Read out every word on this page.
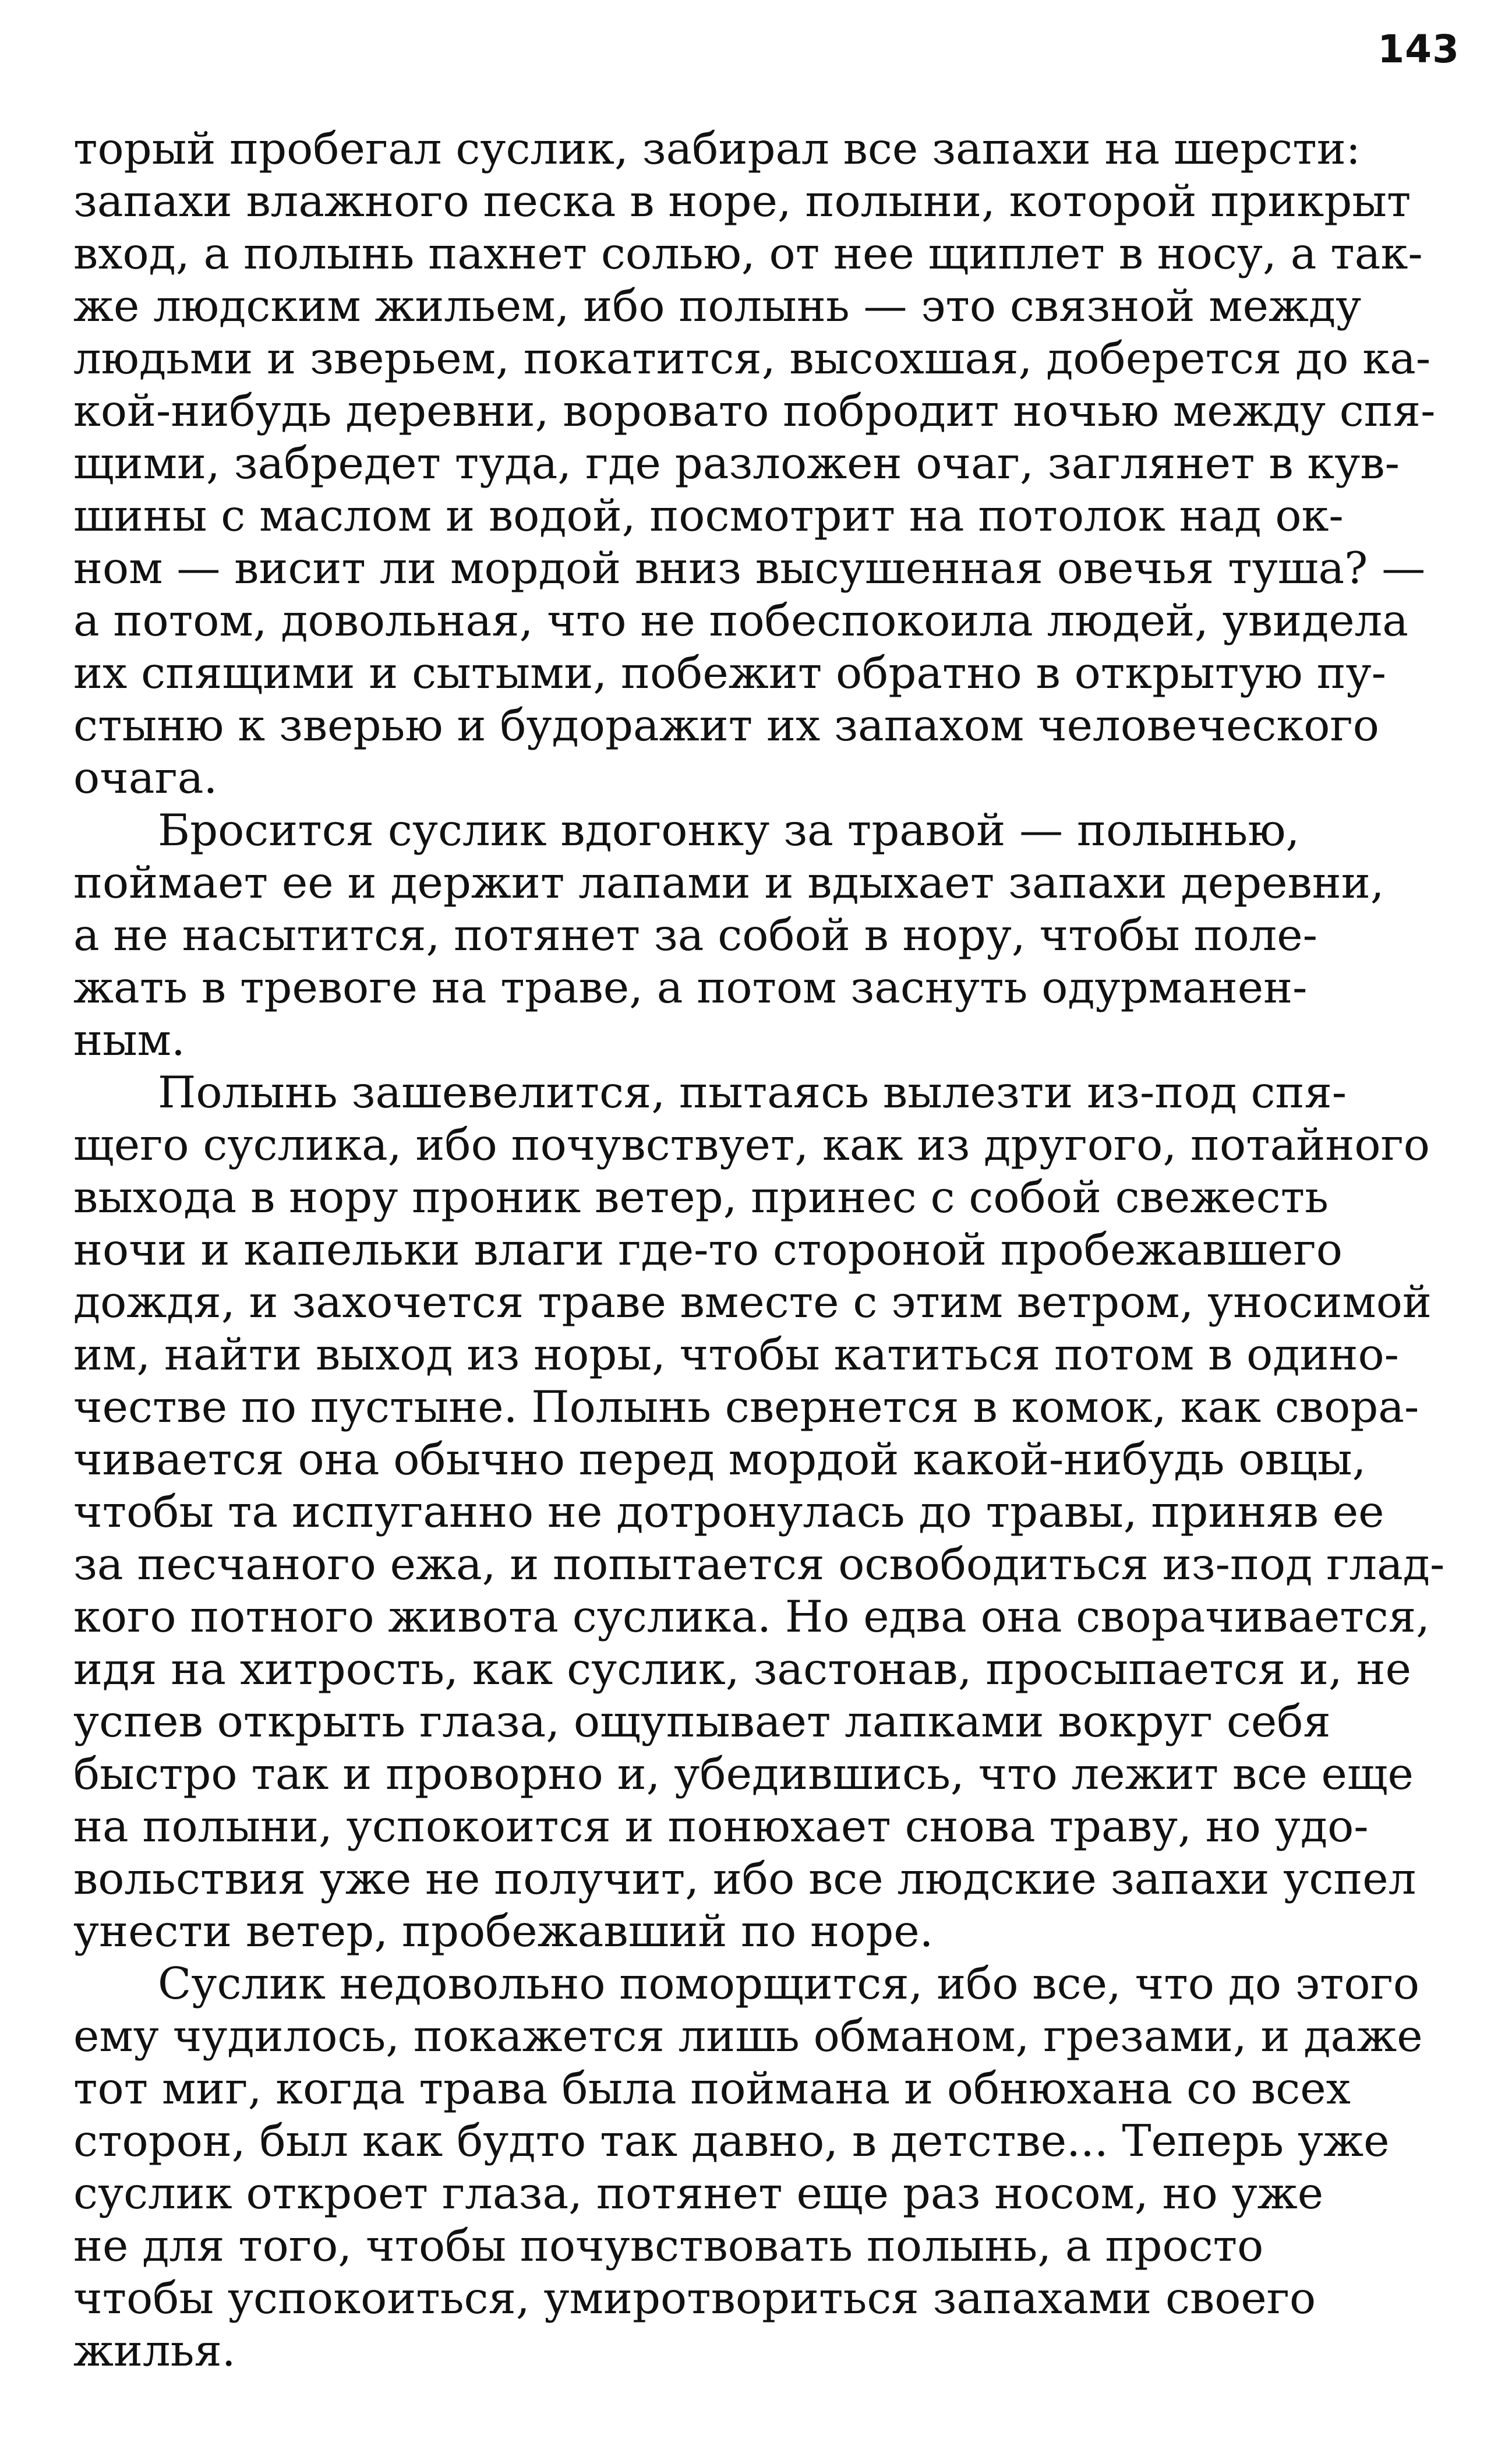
143

торый пробегал суслик, забирал все запахи на шерсти:
запахи влажного песка в норе, полыни, которой прикрыт
вход, а полынь пахнет солью, от нее щиплет в носу, а так-
же людским жильем, ибо полынь — это связной между
людьми и зверьем, покатится, высохшая, доберется до ка-
кой-нибудь деревни, воровато побродит ночью между спя-
щими, забредет туда, где разложен очаг, заглянет в кув-
шины с маслом и водой, посмотрит на потолок над ок-
ном — висит ли мордой вниз высушенная овечья туша? —
а потом, довольная, что не побеспокоила людей, увидела
их спящими и сытыми, побежит обратно в открытую пу-
стыню к зверью и будоражит их запахом человеческого
очага.

Бросится суслик вдогонку за травой — полынью,
поймает ее и держит лапами и вдыхает запахи деревни,
а не насытится, потянет за собой в нору, чтобы поле-
жать в тревоге на траве, а потом заснуть одурманен-
ным.

Полынь зашевелится, пытаясь вылезти из-под спя-
щего суслика, ибо почувствует, как из другого, потайного
выхода в нору проник ветер, принес с собой свежесть
ночи и капельки влаги где-то стороной пробежавшего
дождя, и захочется траве вместе с этим ветром, уносимой
им, найти выход из норы, чтобы катиться потом в одино-
честве по пустыне. Полынь свернется в комок, как свора-
чивается она обычно перед мордой какой-нибудь овцы,
чтобы та испуганно не дотронулась до травы, приняв ее
за песчаного ежа, и попытается освободиться из-под глад-
кого потного живота суслика. Но едва она сворачивается,
идя на хитрость, как суслик, застонав, просыпается и, не
успев открыть глаза, ощупывает лапками вокруг себя
быстро так и проворно и, убедившись, что лежит все еще
на полыни, успокоится и понюхает снова траву, но удо-
вольствия уже не получит, ибо все людские запахи успел
унести ветер, пробежавший по норе.

Суслик недовольно поморщится, ибо все, что до этого
ему чудилось, покажется лишь обманом, грезами, и даже
тот миг, когда трава была поймана и обнюхана со всех
сторон, был как будто так давно, в детстве... Теперь уже
суслик откроет глаза, потянет еще раз носом, но уже
не для того, чтобы почувствовать полынь, а просто
чтобы успокоиться, умиротвориться запахами своего
жилья.
